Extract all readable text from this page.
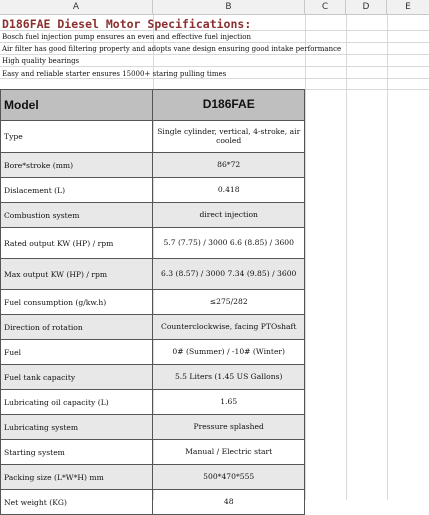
A	B	C	D	E
D186FAE Diesel Motor Specifications:
Bosch fuel injection pump ensures an even and effective fuel injection
Air filter has good filtering property and adopts vane design ensuring good intake performance
High quality bearings
Easy and reliable starter ensures 15000+ staring pulling times
Model	D186FAE
Type	Single cylinder, vertical, 4-stroke, air cooled
Bore*stroke (mm)	86*72
Dislacement (L)	0.418
Combustion system	direct injection
Rated output KW (HP) / rpm	5.7 (7.75) / 3000 6.6 (8.85) / 3600
Max output KW (HP) / rpm	6.3 (8.57) / 3000 7.34 (9.85) / 3600
Fuel consumption (g/kw.h)	≤275/282
Direction of rotation	Counterclockwise, facing PTOshaft
Fuel	0# (Summer) / -10# (Winter)
Fuel tank capacity	5.5 Liters (1.45 US Gallons)
Lubricating oil capacity (L)	1.65
Lubricating system	Pressure splashed
Starting system	Manual / Electric start
Packing size (L*W*H) mm	500*470*555
Net weight (KG)	48
